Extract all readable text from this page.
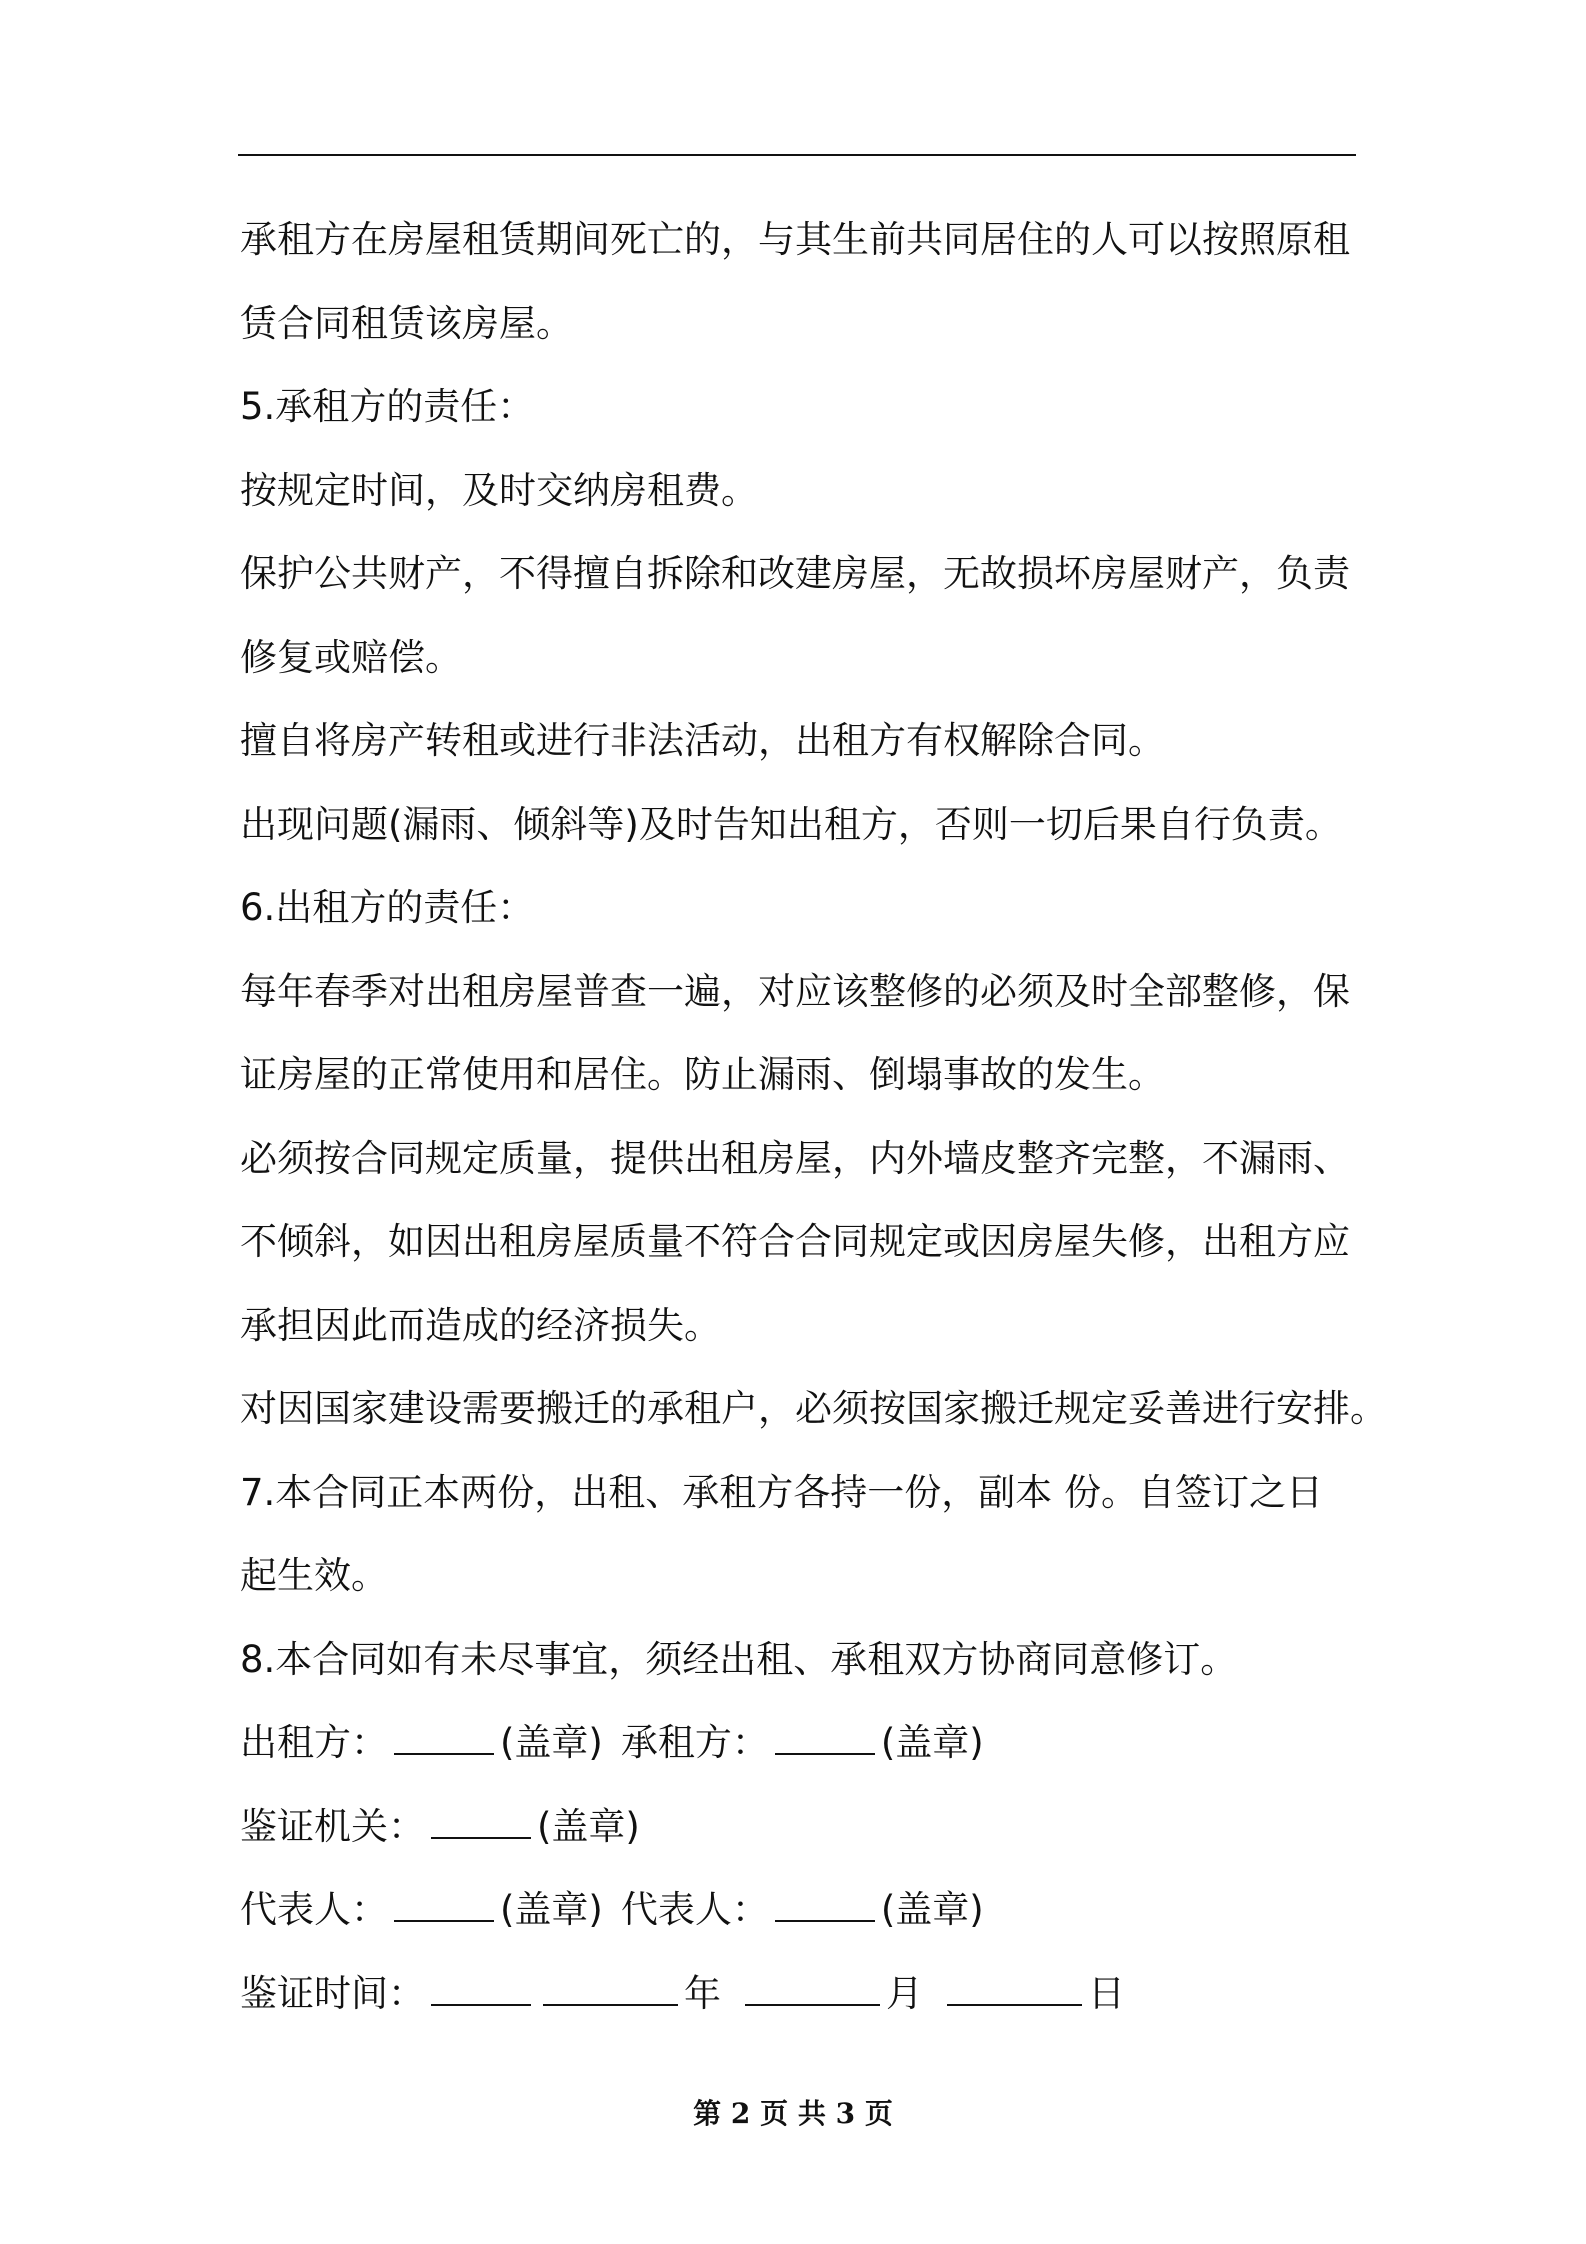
承租方在房屋租赁期间死亡的，与其生前共同居住的人可以按照原租
赁合同租赁该房屋。
5.承租方的责任：
按规定时间，及时交纳房租费。
保护公共财产，不得擅自拆除和改建房屋，无故损坏房屋财产，负责
修复或赔偿。
擅自将房产转租或进行非法活动，出租方有权解除合同。
出现问题(漏雨、倾斜等)及时告知出租方，否则一切后果自行负责。
6.出租方的责任：
每年春季对出租房屋普查一遍，对应该整修的必须及时全部整修，保
证房屋的正常使用和居住。防止漏雨、倒塌事故的发生。
必须按合同规定质量，提供出租房屋，内外墙皮整齐完整，不漏雨、
不倾斜，如因出租房屋质量不符合合同规定或因房屋失修，出租方应
承担因此而造成的经济损失。
对因国家建设需要搬迁的承租户，必须按国家搬迁规定妥善进行安排。
7.本合同正本两份，出租、承租方各持一份，副本 份。自签订之日
起生效。
8.本合同如有未尽事宜，须经出租、承租双方协商同意修订。
出租方：	(盖章) 承租方：	(盖章)
鉴证机关：	(盖章)
代表人：	(盖章) 代表人：	(盖章)
鉴证时间：	年	月	日
第 2 页 共 3 页
